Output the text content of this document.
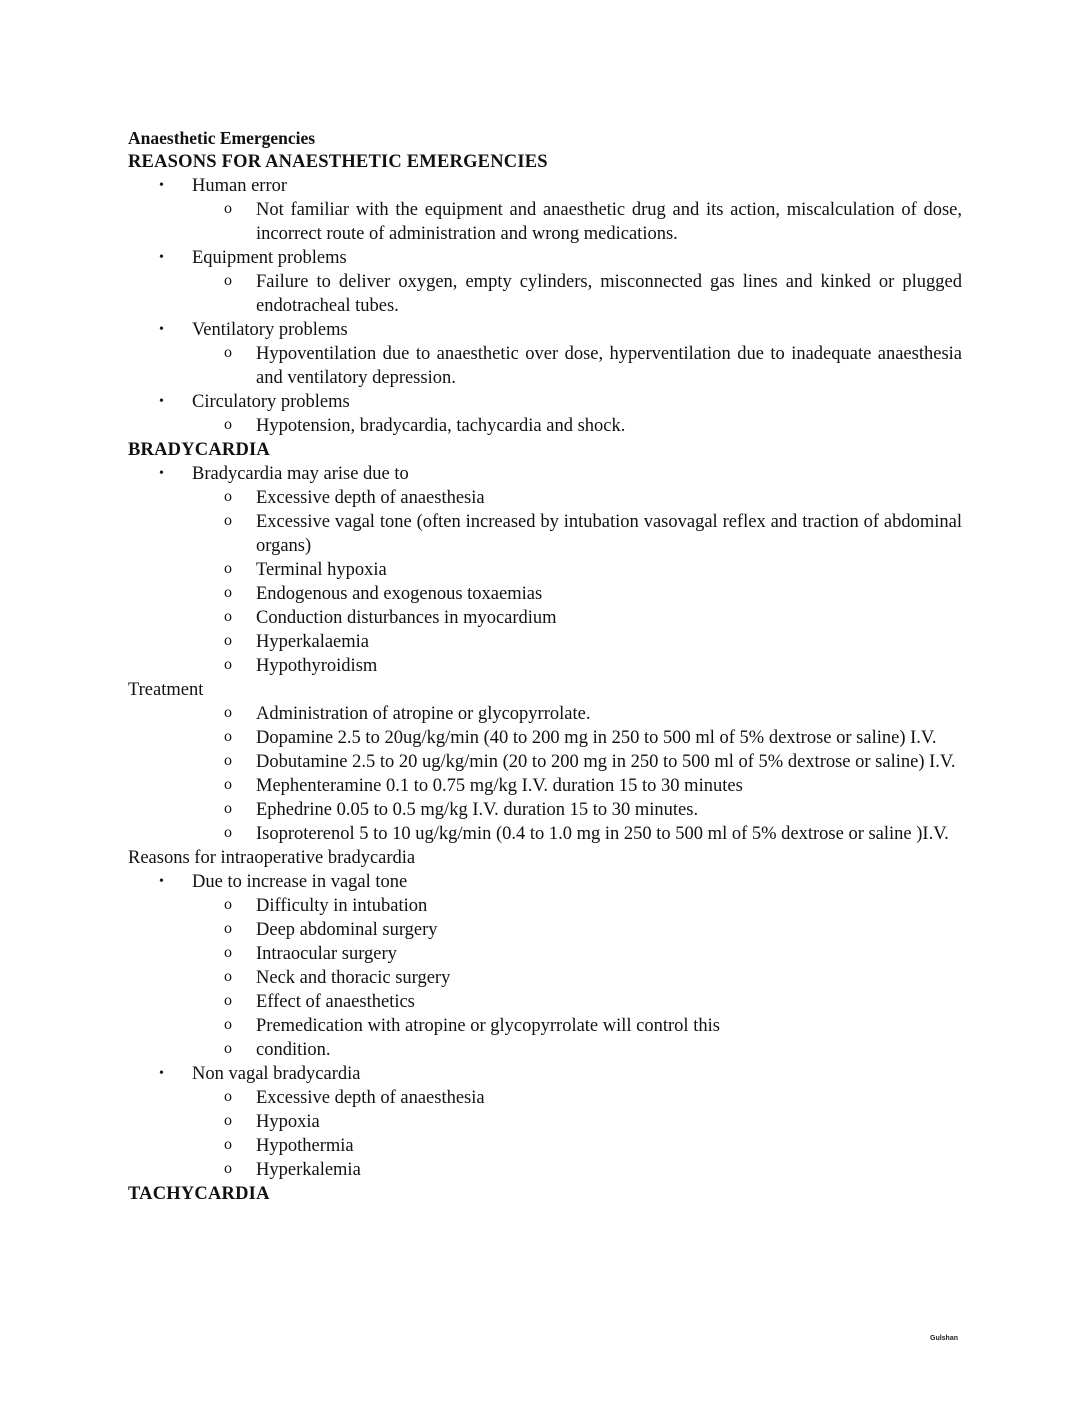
Anaesthetic Emergencies
REASONS FOR ANAESTHETIC EMERGENCIES
• Human error
o Not familiar with the equipment and anaesthetic drug and its action, miscalculation of dose, incorrect route of administration and wrong medications.
• Equipment problems
o Failure to deliver oxygen, empty cylinders, misconnected gas lines and kinked or plugged endotracheal tubes.
• Ventilatory problems
o Hypoventilation due to anaesthetic over dose, hyperventilation due to inadequate anaesthesia and ventilatory depression.
• Circulatory problems
o Hypotension, bradycardia, tachycardia and shock.
BRADYCARDIA
• Bradycardia may arise due to
o Excessive depth of anaesthesia
o Excessive vagal tone (often increased by intubation vasovagal reflex and traction of abdominal organs)
o Terminal hypoxia
o Endogenous and exogenous toxaemias
o Conduction disturbances in myocardium
o Hyperkalaemia
o Hypothyroidism
Treatment
o Administration of atropine or glycopyrrolate.
o Dopamine 2.5 to 20ug/kg/min (40 to 200 mg in 250 to 500 ml of 5% dextrose or saline) I.V.
o Dobutamine 2.5 to 20 ug/kg/min (20 to 200 mg in 250 to 500 ml of 5% dextrose or saline) I.V.
o Mephenteramine 0.1 to 0.75 mg/kg I.V. duration 15 to 30 minutes
o Ephedrine 0.05 to 0.5 mg/kg I.V. duration 15 to 30 minutes.
o Isoproterenol 5 to 10 ug/kg/min (0.4 to 1.0 mg in 250 to 500 ml of 5% dextrose or saline )I.V.
Reasons for intraoperative bradycardia
• Due to increase in vagal tone
o Difficulty in intubation
o Deep abdominal surgery
o Intraocular surgery
o Neck and thoracic surgery
o Effect of anaesthetics
o Premedication with atropine or glycopyrrolate will control this
o condition.
• Non vagal bradycardia
o Excessive depth of anaesthesia
o Hypoxia
o Hypothermia
o Hyperkalemia
TACHYCARDIA
Gulshan
